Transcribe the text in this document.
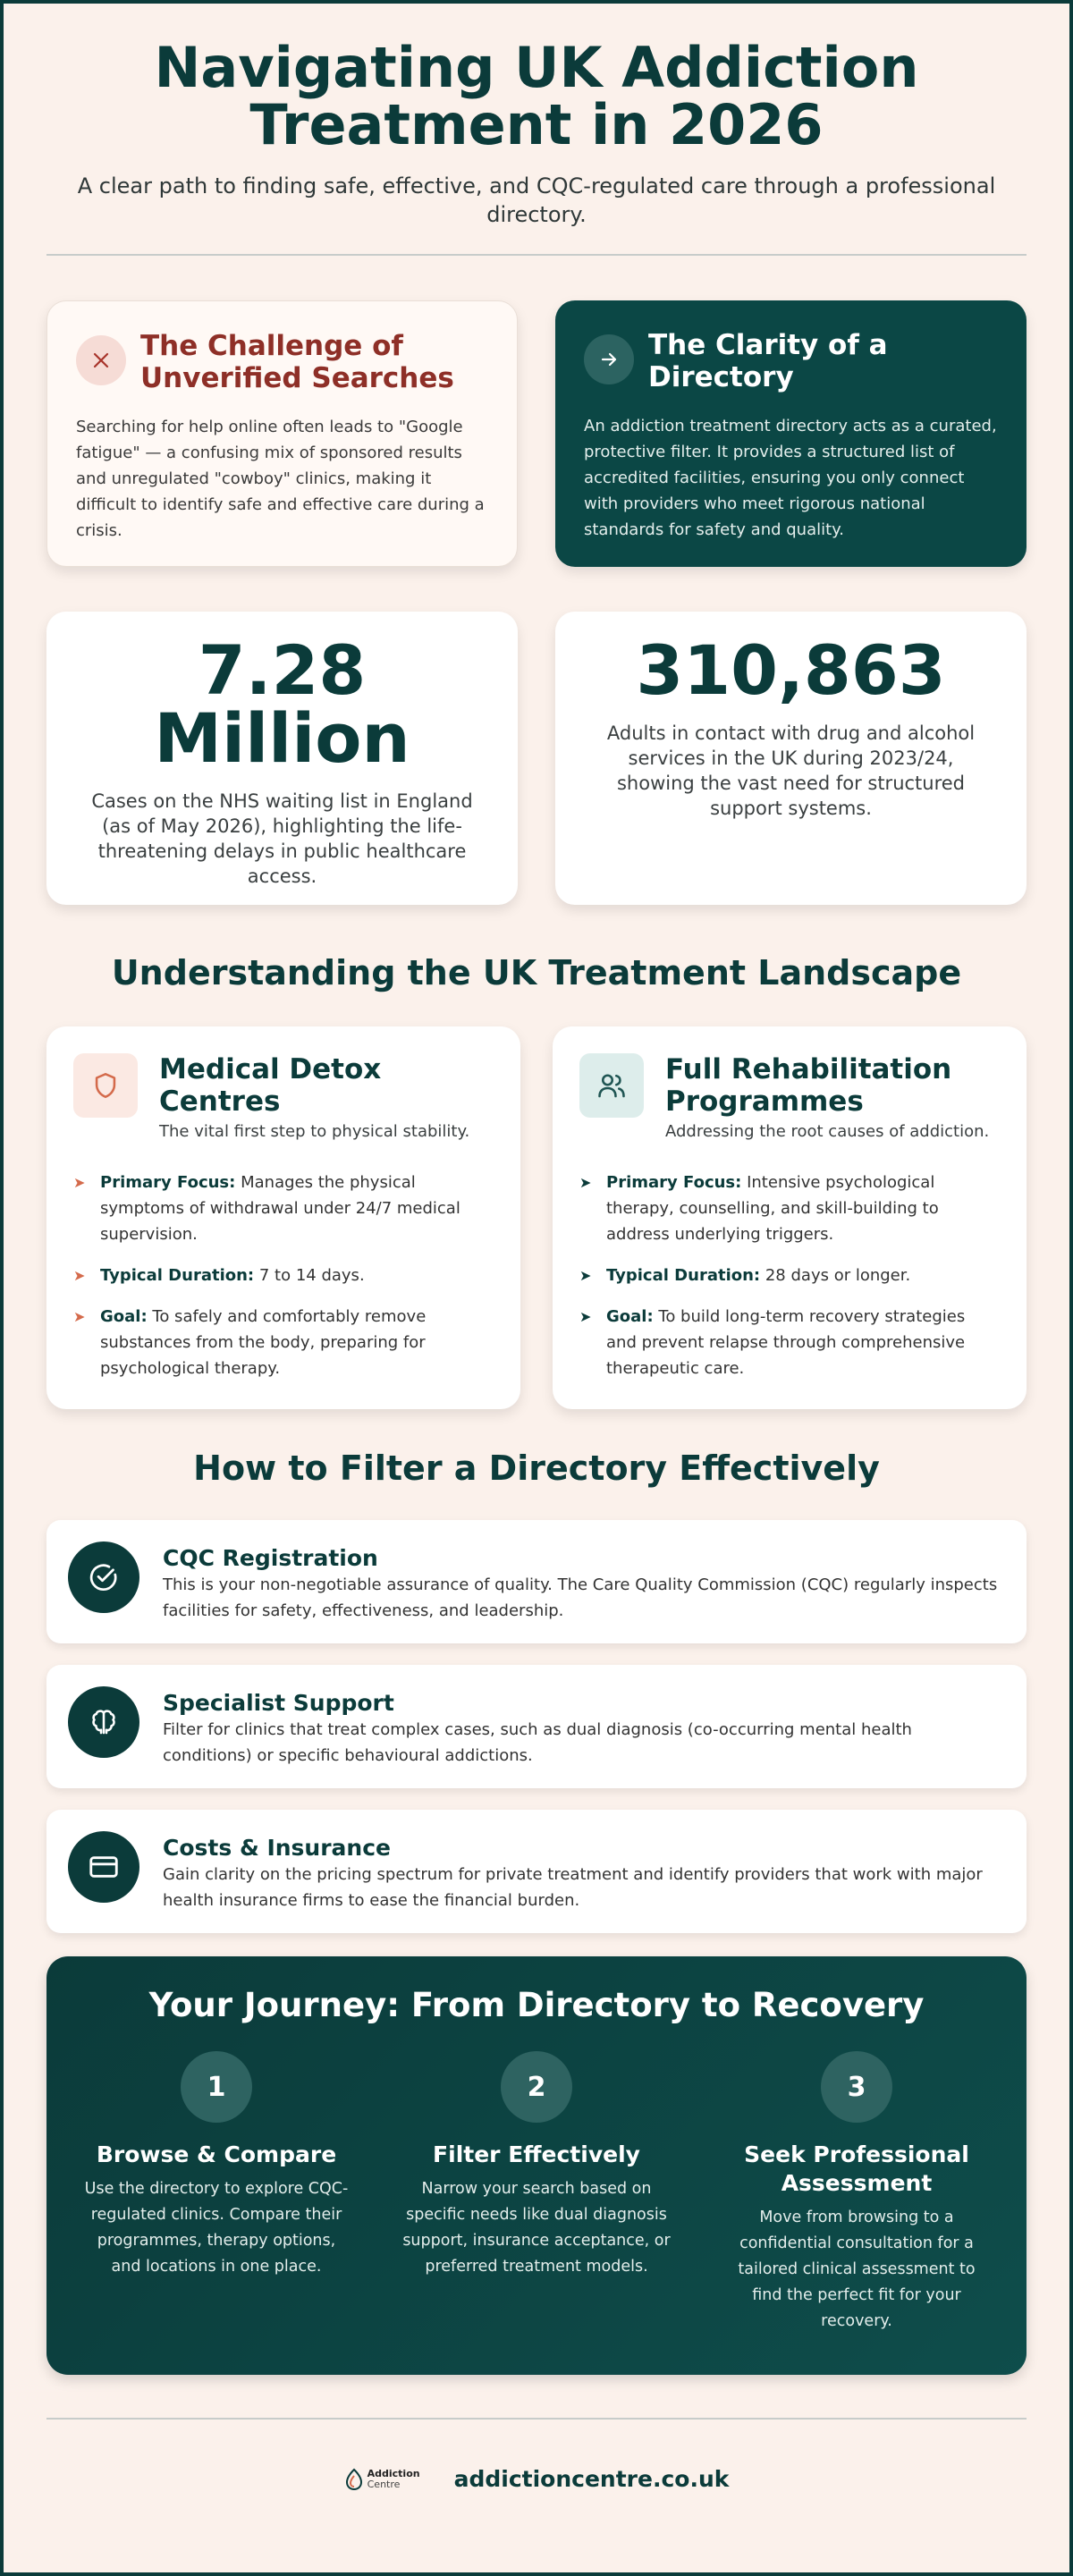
Navigating UK Addiction
Treatment in 2026

A clear path to finding safe, effective, and CQC-regulated care through a professional directory.

The Challenge of Unverified Searches

Searching for help online often leads to "Google fatigue" — a confusing mix of sponsored results and unregulated "cowboy" clinics, making it difficult to identify safe and effective care during a crisis.

The Clarity of a Directory

An addiction treatment directory acts as a curated, protective filter. It provides a structured list of accredited facilities, ensuring you only connect with providers who meet rigorous national standards for safety and quality.

7.28 Million
Cases on the NHS waiting list in England (as of May 2026), highlighting the life-threatening delays in public healthcare access.
310,863
Adults in contact with drug and alcohol services in the UK during 2023/24, showing the vast need for structured support systems.
Understanding the UK Treatment Landscape
Medical Detox Centres
The vital first step to physical stability.
➤ Primary Focus: Manages the physical symptoms of withdrawal under 24/7 medical supervision.
➤ Typical Duration: 7 to 14 days.
➤ Goal: To safely and comfortably remove substances from the body, preparing for psychological therapy.
Full Rehabilitation Programmes
Addressing the root causes of addiction.
➤ Primary Focus: Intensive psychological therapy, counselling, and skill-building to address underlying triggers.
➤ Typical Duration: 28 days or longer.
➤ Goal: To build long-term recovery strategies and prevent relapse through comprehensive therapeutic care.
How to Filter a Directory Effectively
CQC Registration

This is your non-negotiable assurance of quality. The Care Quality Commission (CQC) regularly inspects facilities for safety, effectiveness, and leadership.

Specialist Support

Filter for clinics that treat complex cases, such as dual diagnosis (co-occurring mental health conditions) or specific behavioural addictions.

Costs & Insurance

Gain clarity on the pricing spectrum for private treatment and identify providers that work with major health insurance firms to ease the financial burden.

Your Journey: From Directory to Recovery
1
Browse & Compare

Use the directory to explore CQC-regulated clinics. Compare their programmes, therapy options, and locations in one place.

2
Filter Effectively

Narrow your search based on specific needs like dual diagnosis support, insurance acceptance, or preferred treatment models.

3
Seek Professional Assessment

Move from browsing to a confidential consultation for a tailored clinical assessment to find the perfect fit for your recovery.

Addiction
Centre	addictioncentre.co.uk
